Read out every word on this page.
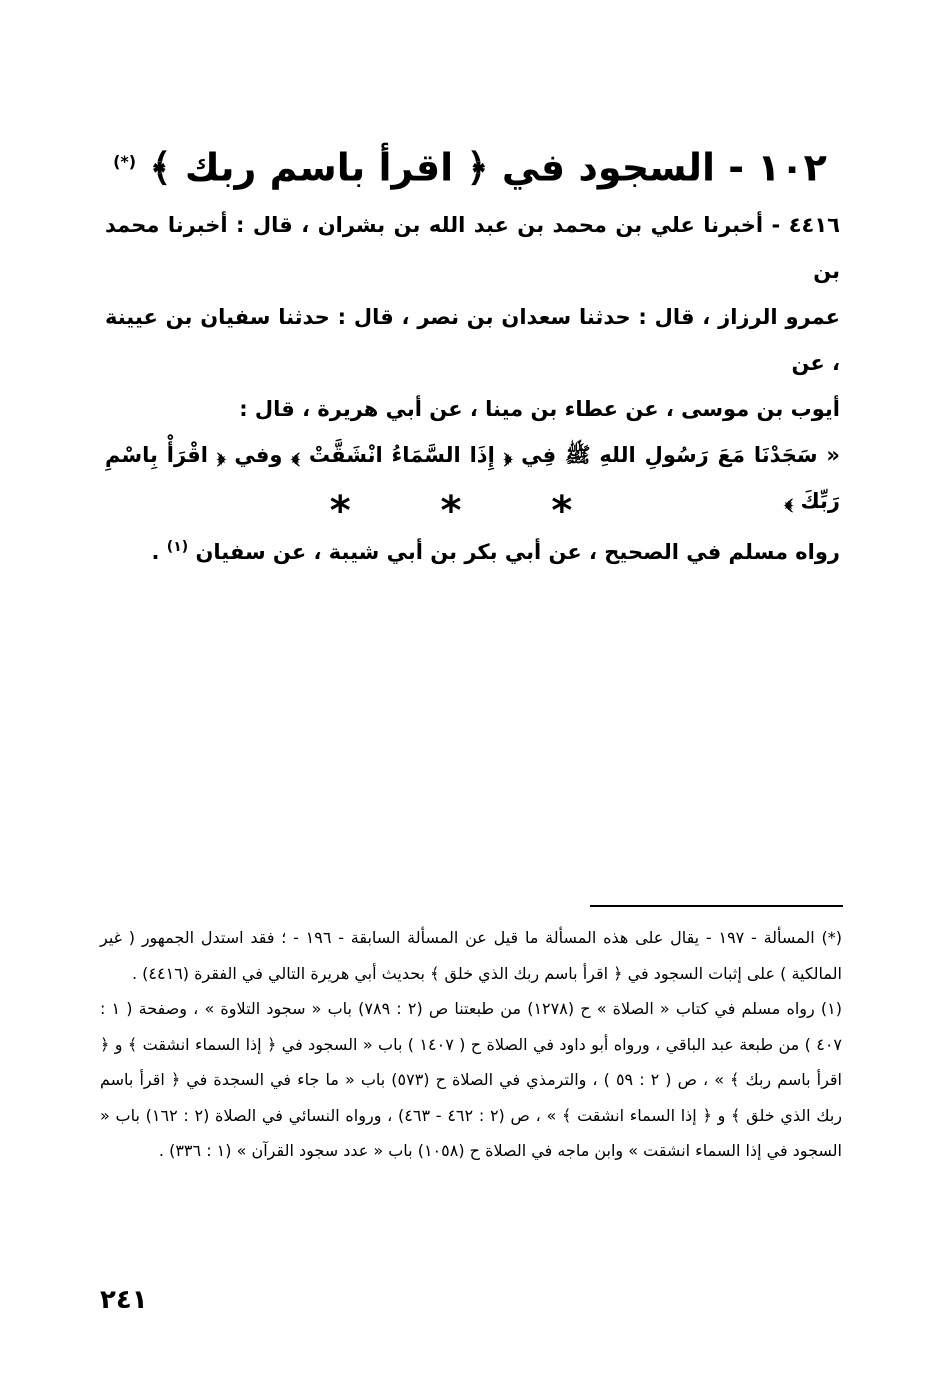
١٠٢ - السجود في ﴿ اقرأ باسم ربك ﴾ (*)

٤٤١٦ - أخبرنا علي بن محمد بن عبد الله بن بشران ، قال : أخبرنا محمد بن

عمرو الرزاز ، قال : حدثنا سعدان بن نصر ، قال : حدثنا سفيان بن عيينة ، عن

أيوب بن موسى ، عن عطاء بن مينا ، عن أبي هريرة ، قال :

« سَجَدْنَا مَعَ رَسُولِ اللهِ ﷺ فِي ﴿ إِذَا السَّمَاءُ انْشَقَّتْ ﴾ وفي ﴿ اقْرَأْ بِاسْمِ رَبِّكَ ﴾

رواه مسلم في الصحيح ، عن أبي بكر بن أبي شيبة ، عن سفيان $^{(١)}$ .

* * *

(*) المسألة - ١٩٧ - يقال على هذه المسألة ما قيل عن المسألة السابقة - ١٩٦ - ؛ فقد استدل الجمهور ( غير المالكية ) على إثبات السجود في ﴿ اقرأ باسم ربك الذي خلق ﴾ بحديث أبي هريرة التالي في الفقرة (٤٤١٦) .

(١) رواه مسلم في كتاب « الصلاة » ح (١٢٧٨) من طبعتنا ص (٢ : ٧٨٩) باب « سجود التلاوة » ، وصفحة ( ١ : ٤٠٧ ) من طبعة عبد الباقي ، ورواه أبو داود في الصلاة ح ( ١٤٠٧ ) باب « السجود في ﴿ إذا السماء انشقت ﴾ و ﴿ اقرأ باسم ربك ﴾ » ، ص ( ٢ : ٥٩ ) ، والترمذي في الصلاة ح (٥٧٣) باب « ما جاء في السجدة في ﴿ اقرأ باسم ربك الذي خلق ﴾ و ﴿ إذا السماء انشقت ﴾ » ، ص (٢ : ٤٦٢ - ٤٦٣) ، ورواه النسائي في الصلاة (٢ : ١٦٢) باب « السجود في إذا السماء انشقت » وابن ماجه في الصلاة ح (١٠٥٨) باب « عدد سجود القرآن » (١ : ٣٣٦) .

٢٤١
